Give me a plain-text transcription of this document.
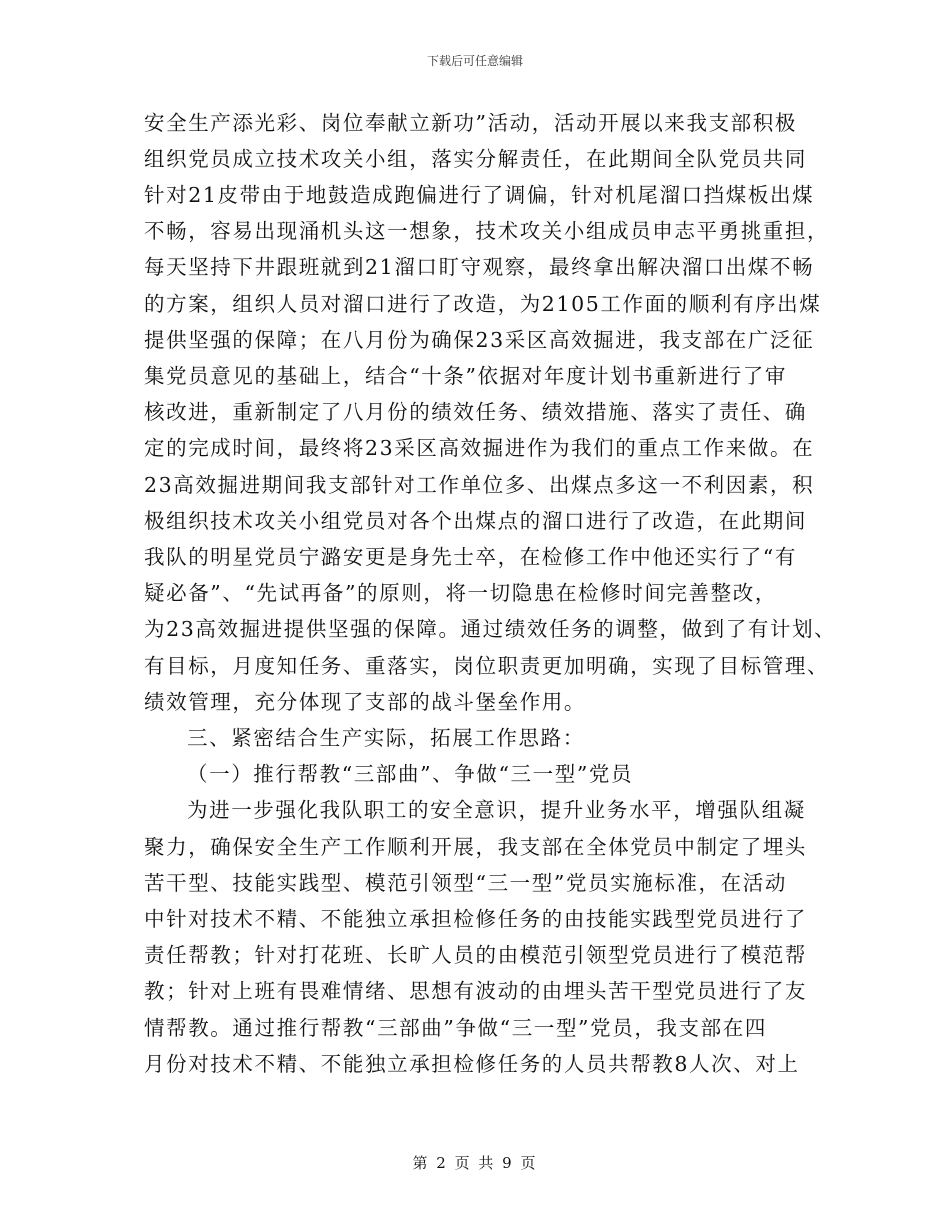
下载后可任意编辑
安全生产添光彩、岗位奉献立新功”活动，活动开展以来我支部积极
组织党员成立技术攻关小组，落实分解责任，在此期间全队党员共同
针对21皮带由于地鼓造成跑偏进行了调偏，针对机尾溜口挡煤板出煤
不畅，容易出现涌机头这一想象，技术攻关小组成员申志平勇挑重担，
每天坚持下井跟班就到21溜口盯守观察，最终拿出解决溜口出煤不畅
的方案，组织人员对溜口进行了改造，为2105工作面的顺利有序出煤
提供坚强的保障；在八月份为确保23采区高效掘进，我支部在广泛征
集党员意见的基础上，结合“十条”依据对年度计划书重新进行了审
核改进，重新制定了八月份的绩效任务、绩效措施、落实了责任、确
定的完成时间，最终将23采区高效掘进作为我们的重点工作来做。在
23高效掘进期间我支部针对工作单位多、出煤点多这一不利因素，积
极组织技术攻关小组党员对各个出煤点的溜口进行了改造，在此期间
我队的明星党员宁潞安更是身先士卒，在检修工作中他还实行了“有
疑必备”、“先试再备”的原则，将一切隐患在检修时间完善整改，
为23高效掘进提供坚强的保障。通过绩效任务的调整，做到了有计划、
有目标，月度知任务、重落实，岗位职责更加明确，实现了目标管理、
绩效管理，充分体现了支部的战斗堡垒作用。
三、紧密结合生产实际，拓展工作思路：
（一）推行帮教“三部曲”、争做“三一型”党员
为进一步强化我队职工的安全意识，提升业务水平，增强队组凝
聚力，确保安全生产工作顺利开展，我支部在全体党员中制定了埋头
苦干型、技能实践型、模范引领型“三一型”党员实施标准，在活动
中针对技术不精、不能独立承担检修任务的由技能实践型党员进行了
责任帮教；针对打花班、长旷人员的由模范引领型党员进行了模范帮
教；针对上班有畏难情绪、思想有波动的由埋头苦干型党员进行了友
情帮教。通过推行帮教“三部曲”争做“三一型”党员，我支部在四
月份对技术不精、不能独立承担检修任务的人员共帮教8人次、对上
第 2 页 共 9 页
